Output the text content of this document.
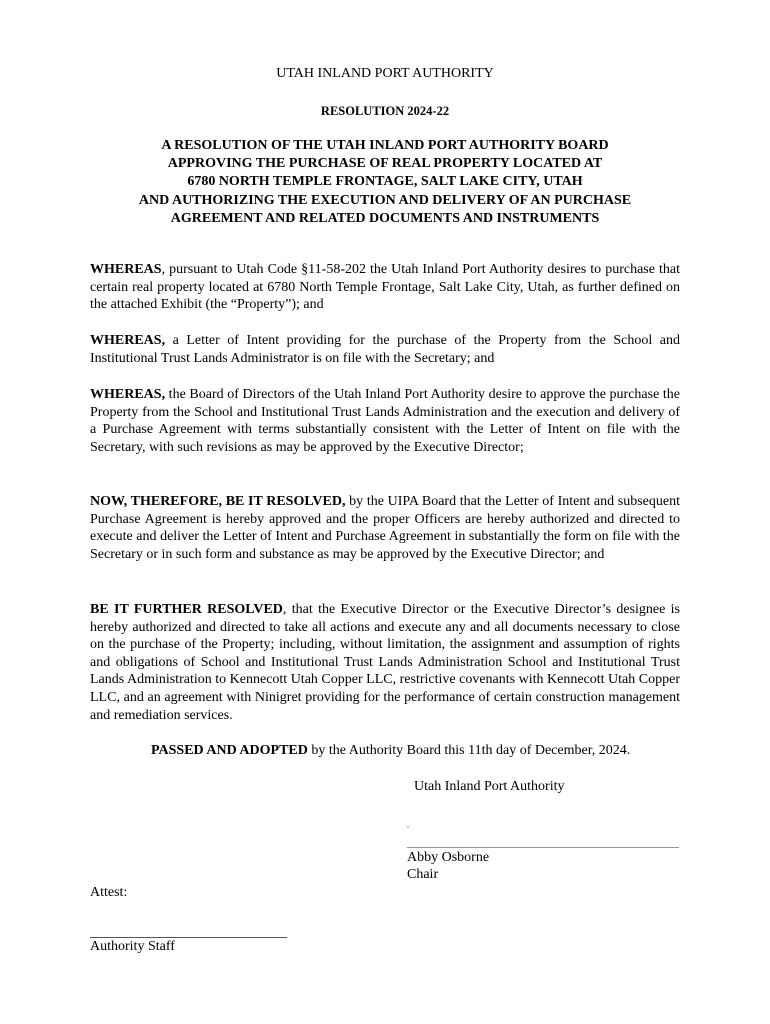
UTAH INLAND PORT AUTHORITY

RESOLUTION 2024-22

A RESOLUTION OF THE UTAH INLAND PORT AUTHORITY BOARD
APPROVING THE PURCHASE OF REAL PROPERTY LOCATED AT
6780 NORTH TEMPLE FRONTAGE, SALT LAKE CITY, UTAH
AND AUTHORIZING THE EXECUTION AND DELIVERY OF AN PURCHASE
AGREEMENT AND RELATED DOCUMENTS AND INSTRUMENTS

WHEREAS, pursuant to Utah Code §11-58-202 the Utah Inland Port Authority desires to purchase that certain real property located at 6780 North Temple Frontage, Salt Lake City, Utah, as further defined on the attached Exhibit (the “Property”); and

WHEREAS, a Letter of Intent providing for the purchase of the Property from the School and Institutional Trust Lands Administrator is on file with the Secretary; and

WHEREAS, the Board of Directors of the Utah Inland Port Authority desire to approve the purchase the Property from the School and Institutional Trust Lands Administration and the execution and delivery of a Purchase Agreement with terms substantially consistent with the Letter of Intent on file with the Secretary, with such revisions as may be approved by the Executive Director;

NOW, THEREFORE, BE IT RESOLVED, by the UIPA Board that the Letter of Intent and subsequent Purchase Agreement is hereby approved and the proper Officers are hereby authorized and directed to execute and deliver the Letter of Intent and Purchase Agreement in substantially the form on file with the Secretary or in such form and substance as may be approved by the Executive Director; and

BE IT FURTHER RESOLVED, that the Executive Director or the Executive Director’s designee is hereby authorized and directed to take all actions and execute any and all documents necessary to close on the purchase of the Property; including, without limitation, the assignment and assumption of rights and obligations of School and Institutional Trust Lands Administration School and Institutional Trust Lands Administration to Kennecott Utah Copper LLC, restrictive covenants with Kennecott Utah Copper LLC, and an agreement with Ninigret providing for the performance of certain construction management and remediation services.

PASSED AND ADOPTED by the Authority Board this 11th day of December, 2024.

Utah Inland Port Authority

Abby Osborne

Chair

Attest:

Authority Staff
